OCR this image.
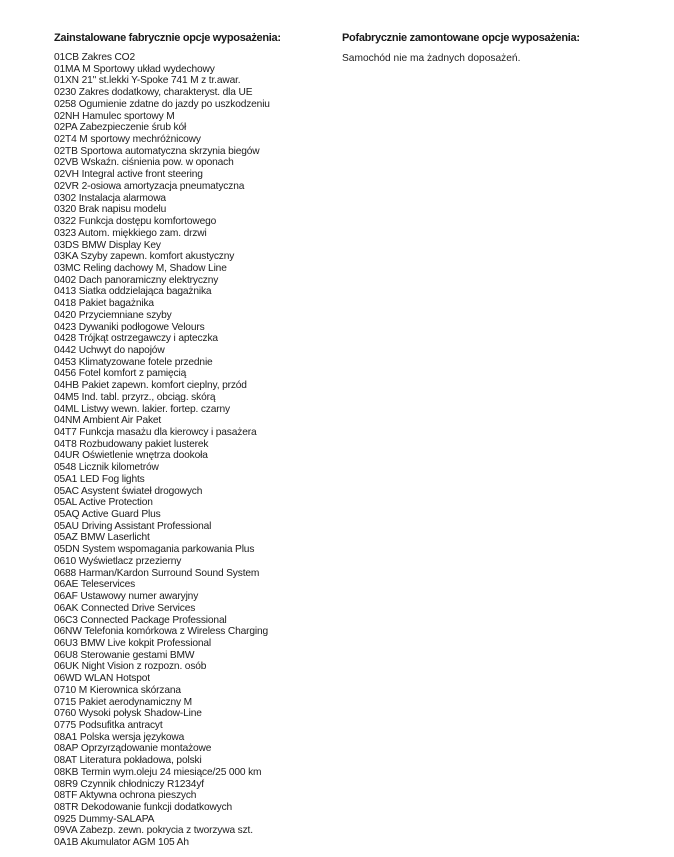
Zainstalowane fabrycznie opcje wyposażenia:
01CB Zakres CO2
01MA M Sportowy układ wydechowy
01XN 21" st.lekki Y-Spoke 741 M z tr.awar.
0230 Zakres dodatkowy, charakteryst. dla UE
0258 Ogumienie zdatne do jazdy po uszkodzeniu
02NH Hamulec sportowy M
02PA Zabezpieczenie śrub kół
02T4 M sportowy mechróżnicowy
02TB Sportowa automatyczna skrzynia biegów
02VB Wskaźn. ciśnienia pow. w oponach
02VH Integral active front steering
02VR 2-osiowa amortyzacja pneumatyczna
0302 Instalacja alarmowa
0320 Brak napisu modelu
0322 Funkcja dostępu komfortowego
0323 Autom. miękkiego zam. drzwi
03DS BMW Display Key
03KA Szyby zapewn. komfort akustyczny
03MC Reling dachowy M, Shadow Line
0402 Dach panoramiczny elektryczny
0413 Siatka oddzielająca bagażnika
0418 Pakiet bagażnika
0420 Przyciemniane szyby
0423 Dywaniki podłogowe Velours
0428 Trójkąt ostrzegawczy i apteczka
0442 Uchwyt do napojów
0453 Klimatyzowane fotele przednie
0456 Fotel komfort z pamięcią
04HB Pakiet zapewn. komfort cieplny, przód
04M5 Ind. tabl. przyrz., obciąg. skórą
04ML Listwy wewn. lakier. fortep. czarny
04NM Ambient Air Paket
04T7 Funkcja masażu dla kierowcy i pasażera
04T8 Rozbudowany pakiet lusterek
04UR Oświetlenie wnętrza dookoła
0548 Licznik kilometrów
05A1 LED Fog lights
05AC Asystent świateł drogowych
05AL Active Protection
05AQ Active Guard Plus
05AU Driving Assistant Professional
05AZ BMW Laserlicht
05DN System wspomagania parkowania Plus
0610 Wyświetlacz przezierny
0688 Harman/Kardon Surround Sound System
06AE Teleservices
06AF Ustawowy numer awaryjny
06AK Connected Drive Services
06C3 Connected Package Professional
06NW Telefonia komórkowa z Wireless Charging
06U3 BMW Live kokpit Professional
06U8 Sterowanie gestami BMW
06UK Night Vision z rozpozn. osób
06WD WLAN Hotspot
0710 M Kierownica skórzana
0715 Pakiet aerodynamiczny M
0760 Wysoki połysk Shadow-Line
0775 Podsufitka antracyt
08A1 Polska wersja językowa
08AP Oprzyrządowanie montażowe
08AT Literatura pokładowa, polski
08KB Termin wym.oleju 24 miesiące/25 000 km
08R9 Czynnik chłodniczy R1234yf
08TF Aktywna ochrona pieszych
08TR Dekodowanie funkcji dodatkowych
0925 Dummy-SALAPA
09VA Zabezp. zewn. pokrycia z tworzywa szt.
0A1B Akumulator AGM 105 Ah
Pofabrycznie zamontowane opcje wyposażenia:

Samochód nie ma żadnych doposażeń.
